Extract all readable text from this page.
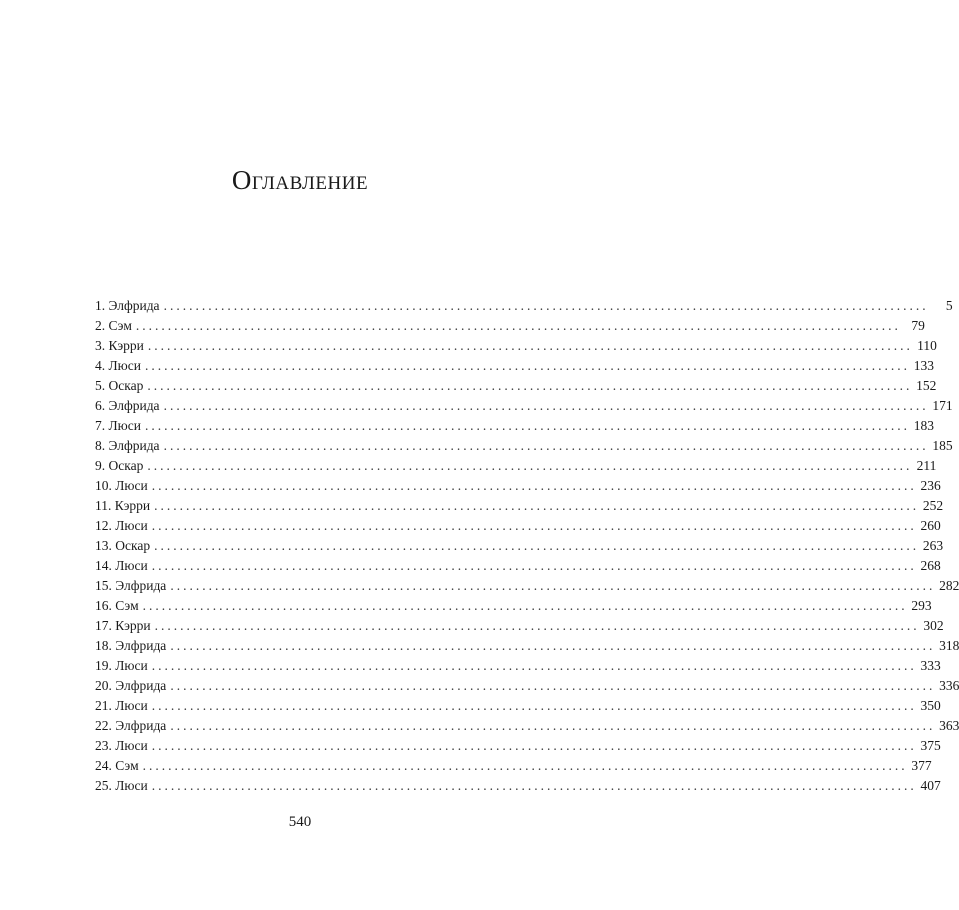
Оглавление
1. Элфрида ........................................................................................................................	5
2. Сэм ........................................................................................................................ 79
3. Кэрри ........................................................................................................................ 110
4. Люси ........................................................................................................................ 133
5. Оскар ........................................................................................................................ 152
6. Элфрида ........................................................................................................................ 171
7. Люси ........................................................................................................................ 183
8. Элфрида ........................................................................................................................ 185
9. Оскар ........................................................................................................................ 211
10. Люси ........................................................................................................................ 236
11. Кэрри ........................................................................................................................ 252
12. Люси ........................................................................................................................ 260
13. Оскар ........................................................................................................................ 263
14. Люси ........................................................................................................................ 268
15. Элфрида ........................................................................................................................ 282
16. Сэм ........................................................................................................................ 293
17. Кэрри ........................................................................................................................ 302
18. Элфрида ........................................................................................................................ 318
19. Люси ........................................................................................................................ 333
20. Элфрида ........................................................................................................................ 336
21. Люси ........................................................................................................................ 350
22. Элфрида ........................................................................................................................ 363
23. Люси ........................................................................................................................ 375
24. Сэм ........................................................................................................................ 377
25. Люси ........................................................................................................................ 407
540
